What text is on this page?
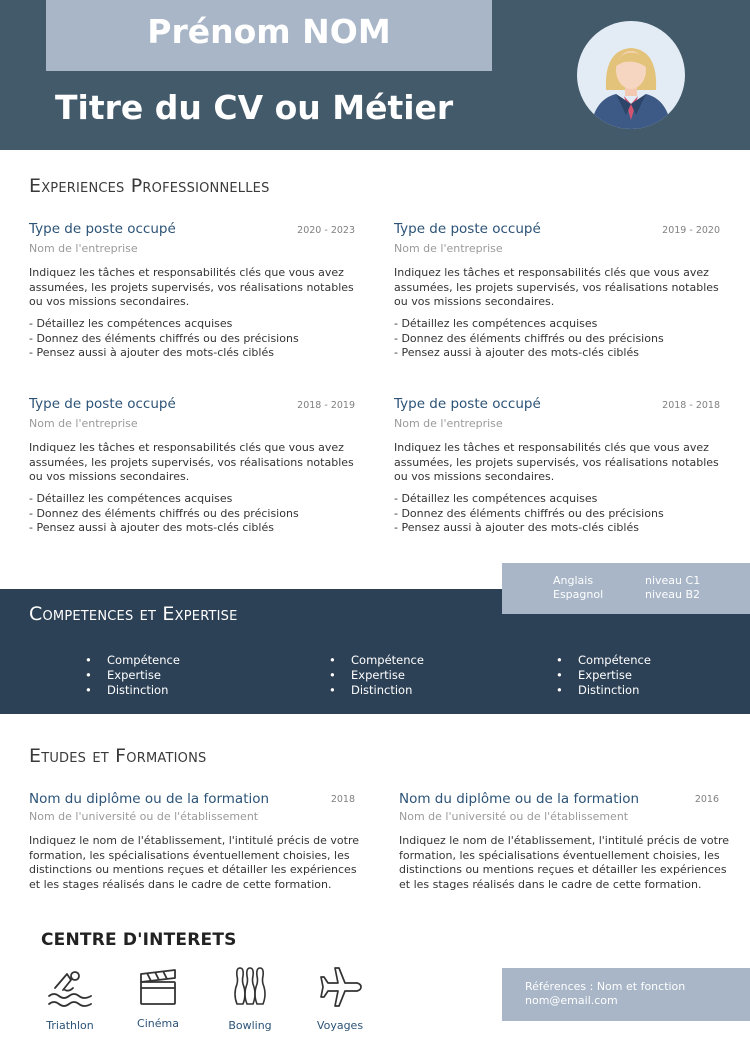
Prénom NOM
Titre du CV ou Métier
Experiences Professionnelles
Type de poste occupé	2020 - 2023
Nom de l'entreprise
Indiquez les tâches et responsabilités clés que vous avez assumées, les projets supervisés, vos réalisations notables ou vos missions secondaires.
- Détaillez les compétences acquises
- Donnez des éléments chiffrés ou des précisions
- Pensez aussi à ajouter des mots-clés ciblés
Type de poste occupé	2019 - 2020
Nom de l'entreprise
Indiquez les tâches et responsabilités clés que vous avez assumées, les projets supervisés, vos réalisations notables ou vos missions secondaires.
- Détaillez les compétences acquises
- Donnez des éléments chiffrés ou des précisions
- Pensez aussi à ajouter des mots-clés ciblés
Type de poste occupé	2018 - 2019
Nom de l'entreprise
Indiquez les tâches et responsabilités clés que vous avez assumées, les projets supervisés, vos réalisations notables ou vos missions secondaires.
- Détaillez les compétences acquises
- Donnez des éléments chiffrés ou des précisions
- Pensez aussi à ajouter des mots-clés ciblés
Type de poste occupé	2018 - 2018
Nom de l'entreprise
Indiquez les tâches et responsabilités clés que vous avez assumées, les projets supervisés, vos réalisations notables ou vos missions secondaires.
- Détaillez les compétences acquises
- Donnez des éléments chiffrés ou des précisions
- Pensez aussi à ajouter des mots-clés ciblés
Anglais	niveau C1
Espagnol	niveau B2
Competences et Expertise
• Compétence
• Expertise
• Distinction
• Compétence
• Expertise
• Distinction
• Compétence
• Expertise
• Distinction
Etudes et Formations
Nom du diplôme ou de la formation	2018
Nom de l'université ou de l'établissement
Indiquez le nom de l'établissement, l'intitulé précis de votre formation, les spécialisations éventuellement choisies, les distinctions ou mentions reçues et détailler les expériences et les stages réalisés dans le cadre de cette formation.
Nom du diplôme ou de la formation	2016
Nom de l'université ou de l'établissement
Indiquez le nom de l'établissement, l'intitulé précis de votre formation, les spécialisations éventuellement choisies, les distinctions ou mentions reçues et détailler les expériences et les stages réalisés dans le cadre de cette formation.
CENTRE D'INTERETS
Triathlon	Cinéma	Bowling	Voyages
Références : Nom et fonction
nom@email.com
